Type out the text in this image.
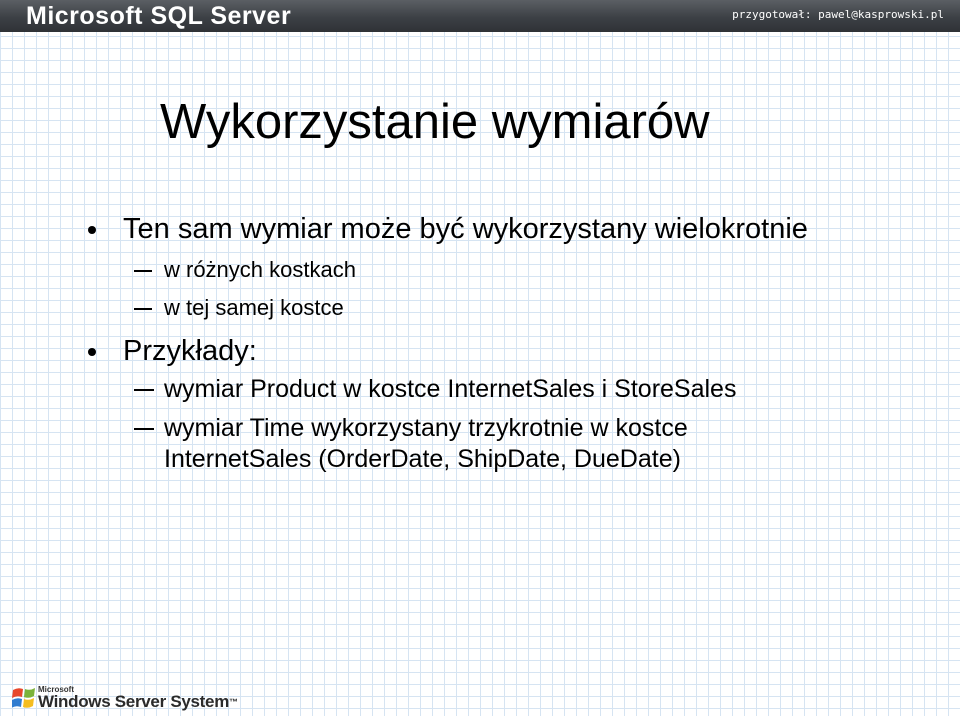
Microsoft SQL Server	przygotował: pawel@kasprowski.pl
Wykorzystanie wymiarów
Ten sam wymiar może być wykorzystany wielokrotnie
w różnych kostkach
w tej samej kostce
Przykłady:
wymiar Product w kostce InternetSales i StoreSales
wymiar Time wykorzystany trzykrotnie w kostce
InternetSales (OrderDate, ShipDate, DueDate)
Microsoft
Windows Server System™
